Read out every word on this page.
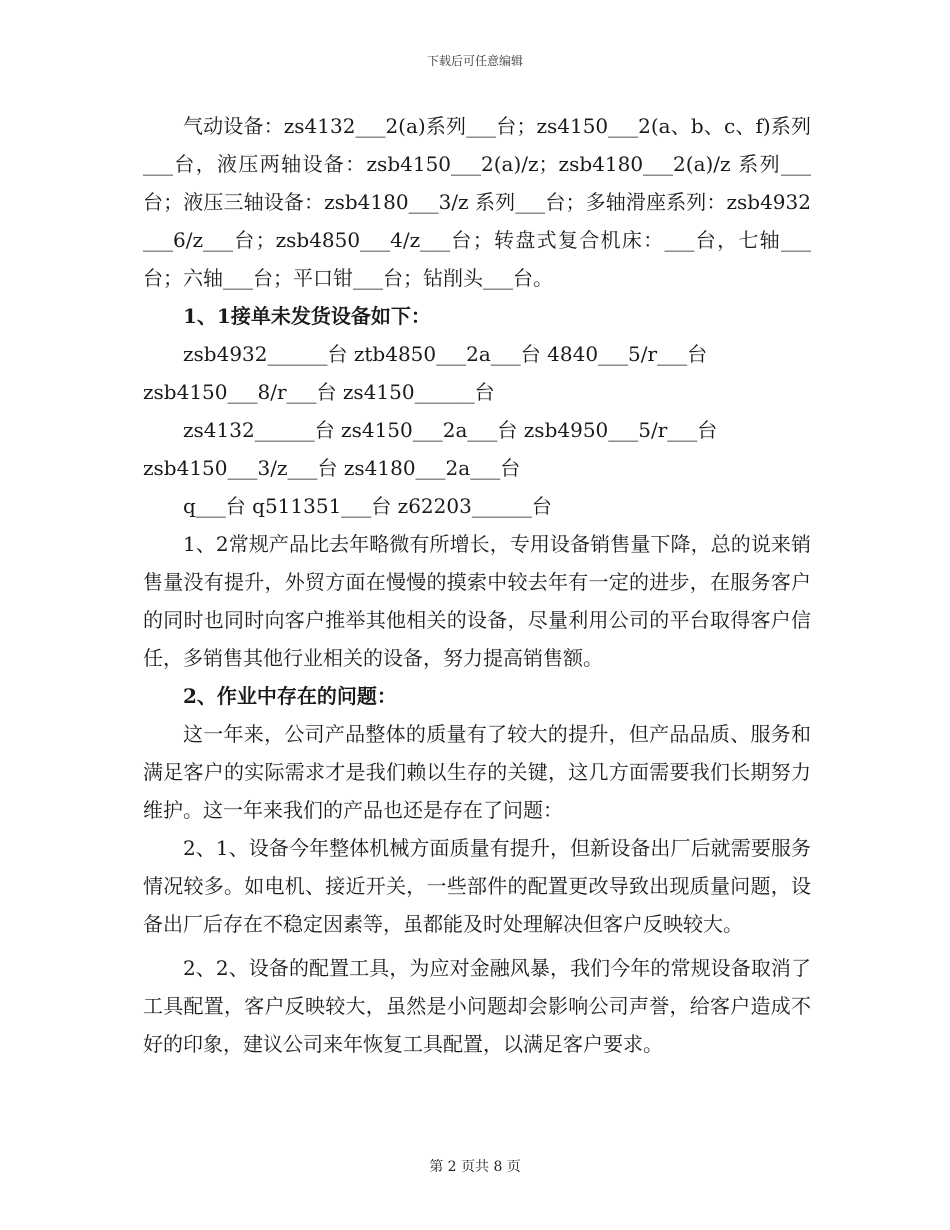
下载后可任意编辑

气动设备：zs4132___2(a)系列___台；zs4150___2(a、b、c、f)系列___台，液压两轴设备：zsb4150___2(a)/z；zsb4180___2(a)/z 系列___台；液压三轴设备：zsb4180___3/z 系列___台；多轴滑座系列：zsb4932___6/z___台；zsb4850___4/z___台；转盘式复合机床：___台，七轴___台；六轴___台；平口钳___台；钻削头___台。

1、1接单未发货设备如下：

zsb4932______台 ztb4850___2a___台 4840___5/r___台

zsb4150___8/r___台 zs4150______台

zs4132______台 zs4150___2a___台 zsb4950___5/r___台

zsb4150___3/z___台 zs4180___2a___台

q___台 q511351___台 z62203______台

1、2常规产品比去年略微有所增长，专用设备销售量下降，总的说来销售量没有提升，外贸方面在慢慢的摸索中较去年有一定的进步，在服务客户的同时也同时向客户推举其他相关的设备，尽量利用公司的平台取得客户信任，多销售其他行业相关的设备，努力提高销售额。

2、作业中存在的问题：

这一年来，公司产品整体的质量有了较大的提升，但产品品质、服务和满足客户的实际需求才是我们赖以生存的关键，这几方面需要我们长期努力维护。这一年来我们的产品也还是存在了问题：

2、1、设备今年整体机械方面质量有提升，但新设备出厂后就需要服务情况较多。如电机、接近开关，一些部件的配置更改导致出现质量问题，设备出厂后存在不稳定因素等，虽都能及时处理解决但客户反映较大。

2、2、设备的配置工具，为应对金融风暴，我们今年的常规设备取消了工具配置，客户反映较大，虽然是小问题却会影响公司声誉，给客户造成不好的印象，建议公司来年恢复工具配置，以满足客户要求。

第 2 页共 8 页
